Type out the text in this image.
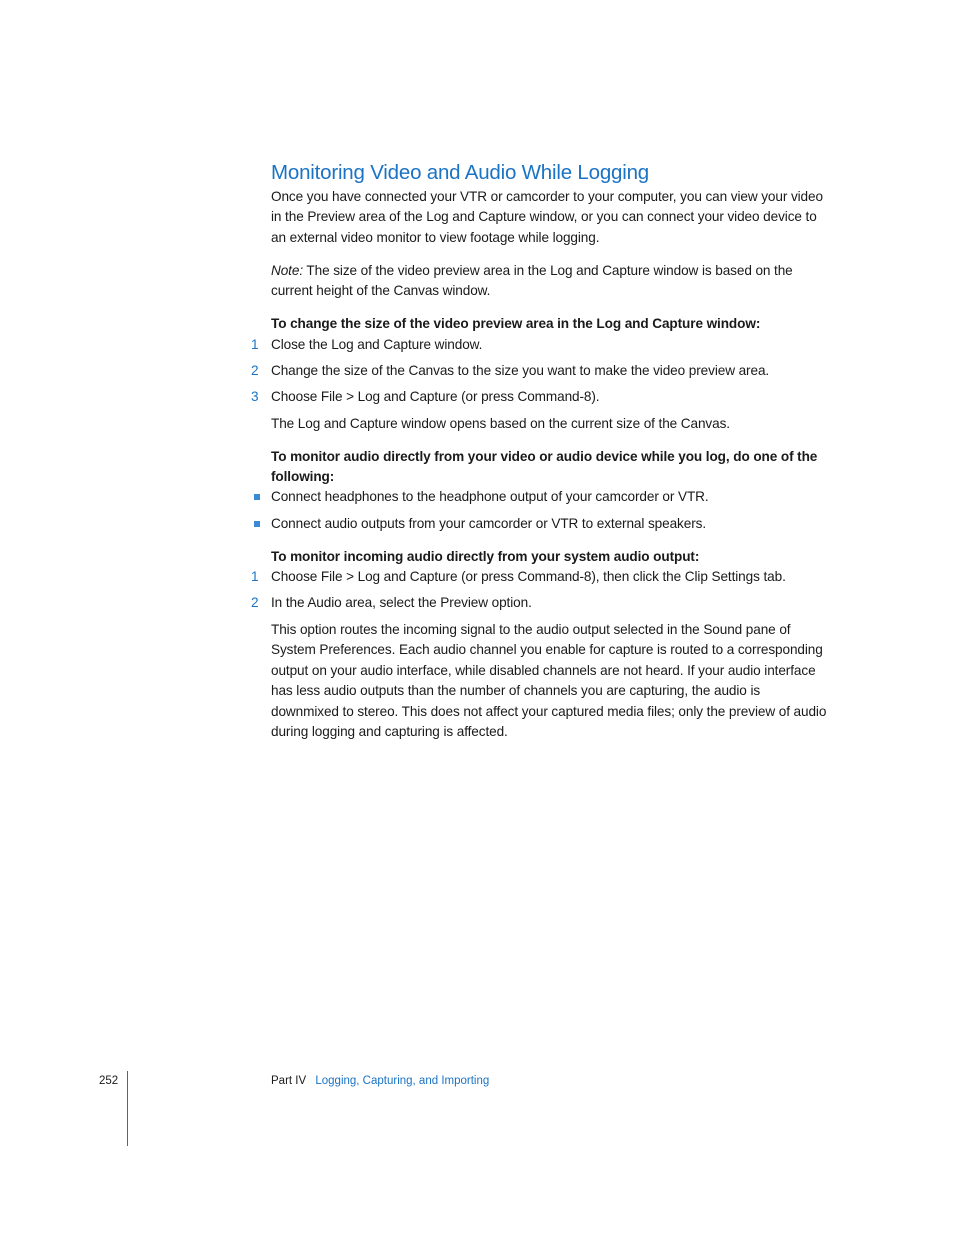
Monitoring Video and Audio While Logging

Once you have connected your VTR or camcorder to your computer, you can view your video in the Preview area of the Log and Capture window, or you can connect your video device to an external video monitor to view footage while logging.

Note: The size of the video preview area in the Log and Capture window is based on the current height of the Canvas window.

To change the size of the video preview area in the Log and Capture window:

1 Close the Log and Capture window.

2 Change the size of the Canvas to the size you want to make the video preview area.

3 Choose File > Log and Capture (or press Command-8).

The Log and Capture window opens based on the current size of the Canvas.

To monitor audio directly from your video or audio device while you log, do one of the following:

Connect headphones to the headphone output of your camcorder or VTR.

Connect audio outputs from your camcorder or VTR to external speakers.

To monitor incoming audio directly from your system audio output:

1 Choose File > Log and Capture (or press Command-8), then click the Clip Settings tab.

2 In the Audio area, select the Preview option.

This option routes the incoming signal to the audio output selected in the Sound pane of System Preferences. Each audio channel you enable for capture is routed to a corresponding output on your audio interface, while disabled channels are not heard. If your audio interface has less audio outputs than the number of channels you are capturing, the audio is downmixed to stereo. This does not affect your captured media files; only the preview of audio during logging and capturing is affected.

252	Part IV Logging, Capturing, and Importing
